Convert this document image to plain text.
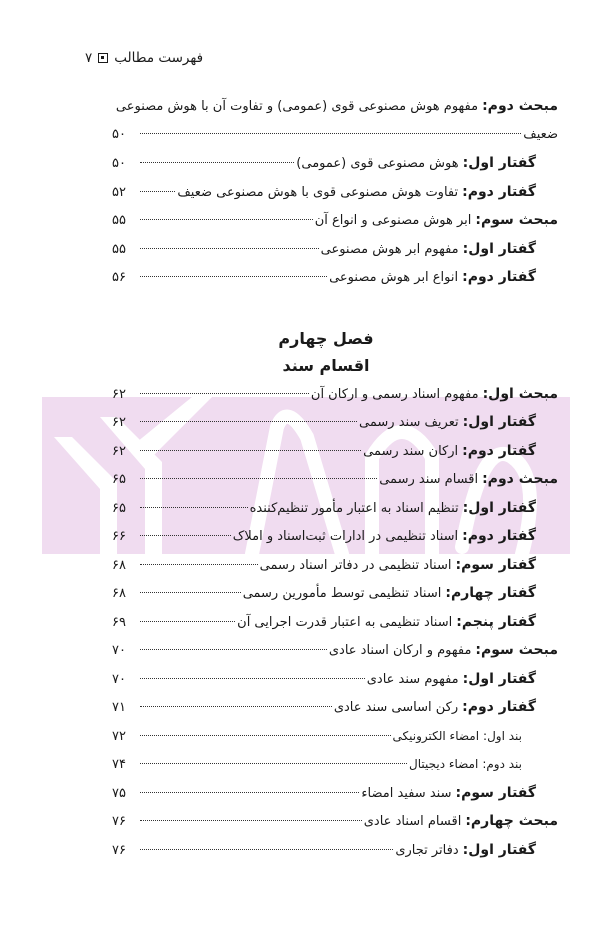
فهرست مطالب
۷
مبحث دوم:
مفهوم هوش مصنوعی قوی (عمومی) و تفاوت آن با هوش مصنوعی
ضعیف
۵۰
گفتار اول:
هوش مصنوعی قوی (عمومی)
۵۰
گفتار دوم:
تفاوت هوش مصنوعی قوی با هوش مصنوعی ضعیف
۵۲
مبحث سوم:
ابر هوش مصنوعی و انواع آن
۵۵
گفتار اول:
مفهوم ابر هوش مصنوعی
۵۵
گفتار دوم:
انواع ابر هوش مصنوعی
۵۶
فصل چهارم
اقسام سند
مبحث اول:
مفهوم اسناد رسمی و ارکان آن
۶۲
گفتار اول:
تعریف سند رسمی
۶۲
گفتار دوم:
ارکان سند رسمی
۶۲
مبحث دوم:
اقسام سند رسمی
۶۵
گفتار اول:
تنظیم اسناد به اعتبار مأمور تنظیم‌کننده
۶۵
گفتار دوم:
اسناد تنظیمی در ادارات ثبت‌اسناد و املاک
۶۶
گفتار سوم:
اسناد تنظیمی در دفاتر اسناد رسمی
۶۸
گفتار چهارم:
اسناد تنظیمی توسط مأمورین رسمی
۶۸
گفتار پنجم:
اسناد تنظیمی به اعتبار قدرت اجرایی آن
۶۹
مبحث سوم:
مفهوم و ارکان اسناد عادی
۷۰
گفتار اول:
مفهوم سند عادی
۷۰
گفتار دوم:
رکن اساسی سند عادی
۷۱
بند اول:
امضاء الکترونیکی
۷۲
بند دوم:
امضاء دیجیتال
۷۴
گفتار سوم:
سند سفید امضاء
۷۵
مبحث چهارم:
اقسام اسناد عادی
۷۶
گفتار اول:
دفاتر تجاری
۷۶
